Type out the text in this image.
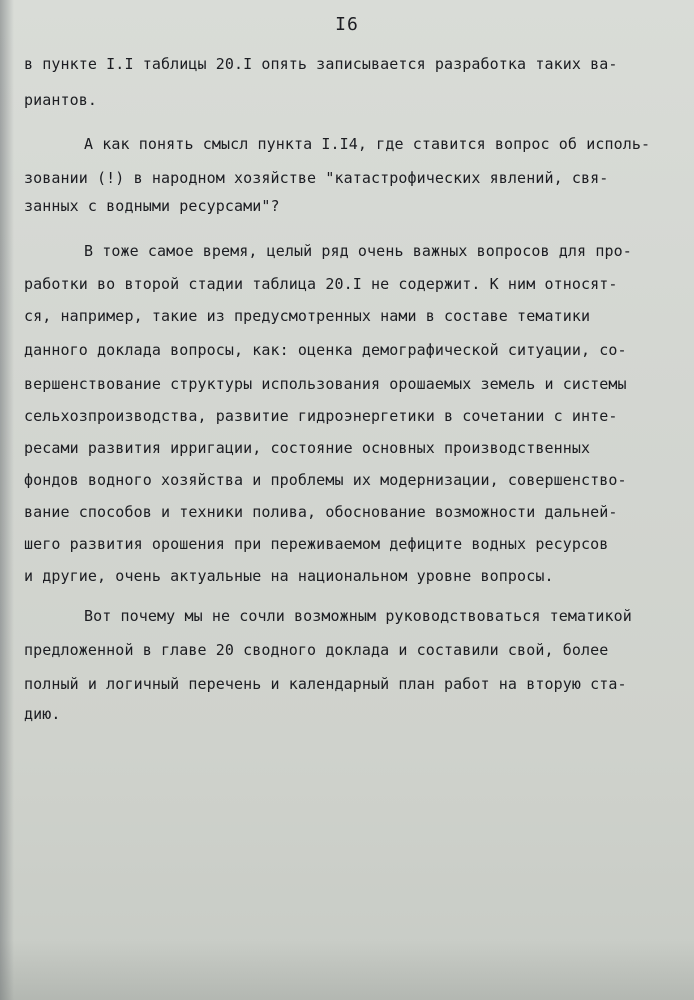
I6
в пункте I.I таблицы 20.I опять записывается разработка таких ва-
риантов.
А как понять смысл пункта I.I4, где ставится вопрос об исполь-
зовании (!) в народном хозяйстве "катастрофических явлений, свя-
занных с водными ресурсами"?
В тоже самое время, целый ряд очень важных вопросов для про-
работки во второй стадии таблица 20.I не содержит. К ним относят-
ся, например, такие из предусмотренных нами в составе тематики
данного доклада вопросы, как: оценка демографической ситуации, со-
вершенствование структуры использования орошаемых земель и системы
сельхозпроизводства, развитие гидроэнергетики в сочетании с инте-
ресами развития ирригации, состояние основных производственных
фондов водного хозяйства и проблемы их модернизации, совершенство-
вание способов и техники полива, обоснование возможности дальней-
шего развития орошения при переживаемом дефиците водных ресурсов
и другие, очень актуальные на национальном уровне вопросы.
Вот почему мы не сочли возможным руководствоваться тематикой
предложенной в главе 20 сводного доклада и составили свой, более
полный и логичный перечень и календарный план работ на вторую ста-
дию.
